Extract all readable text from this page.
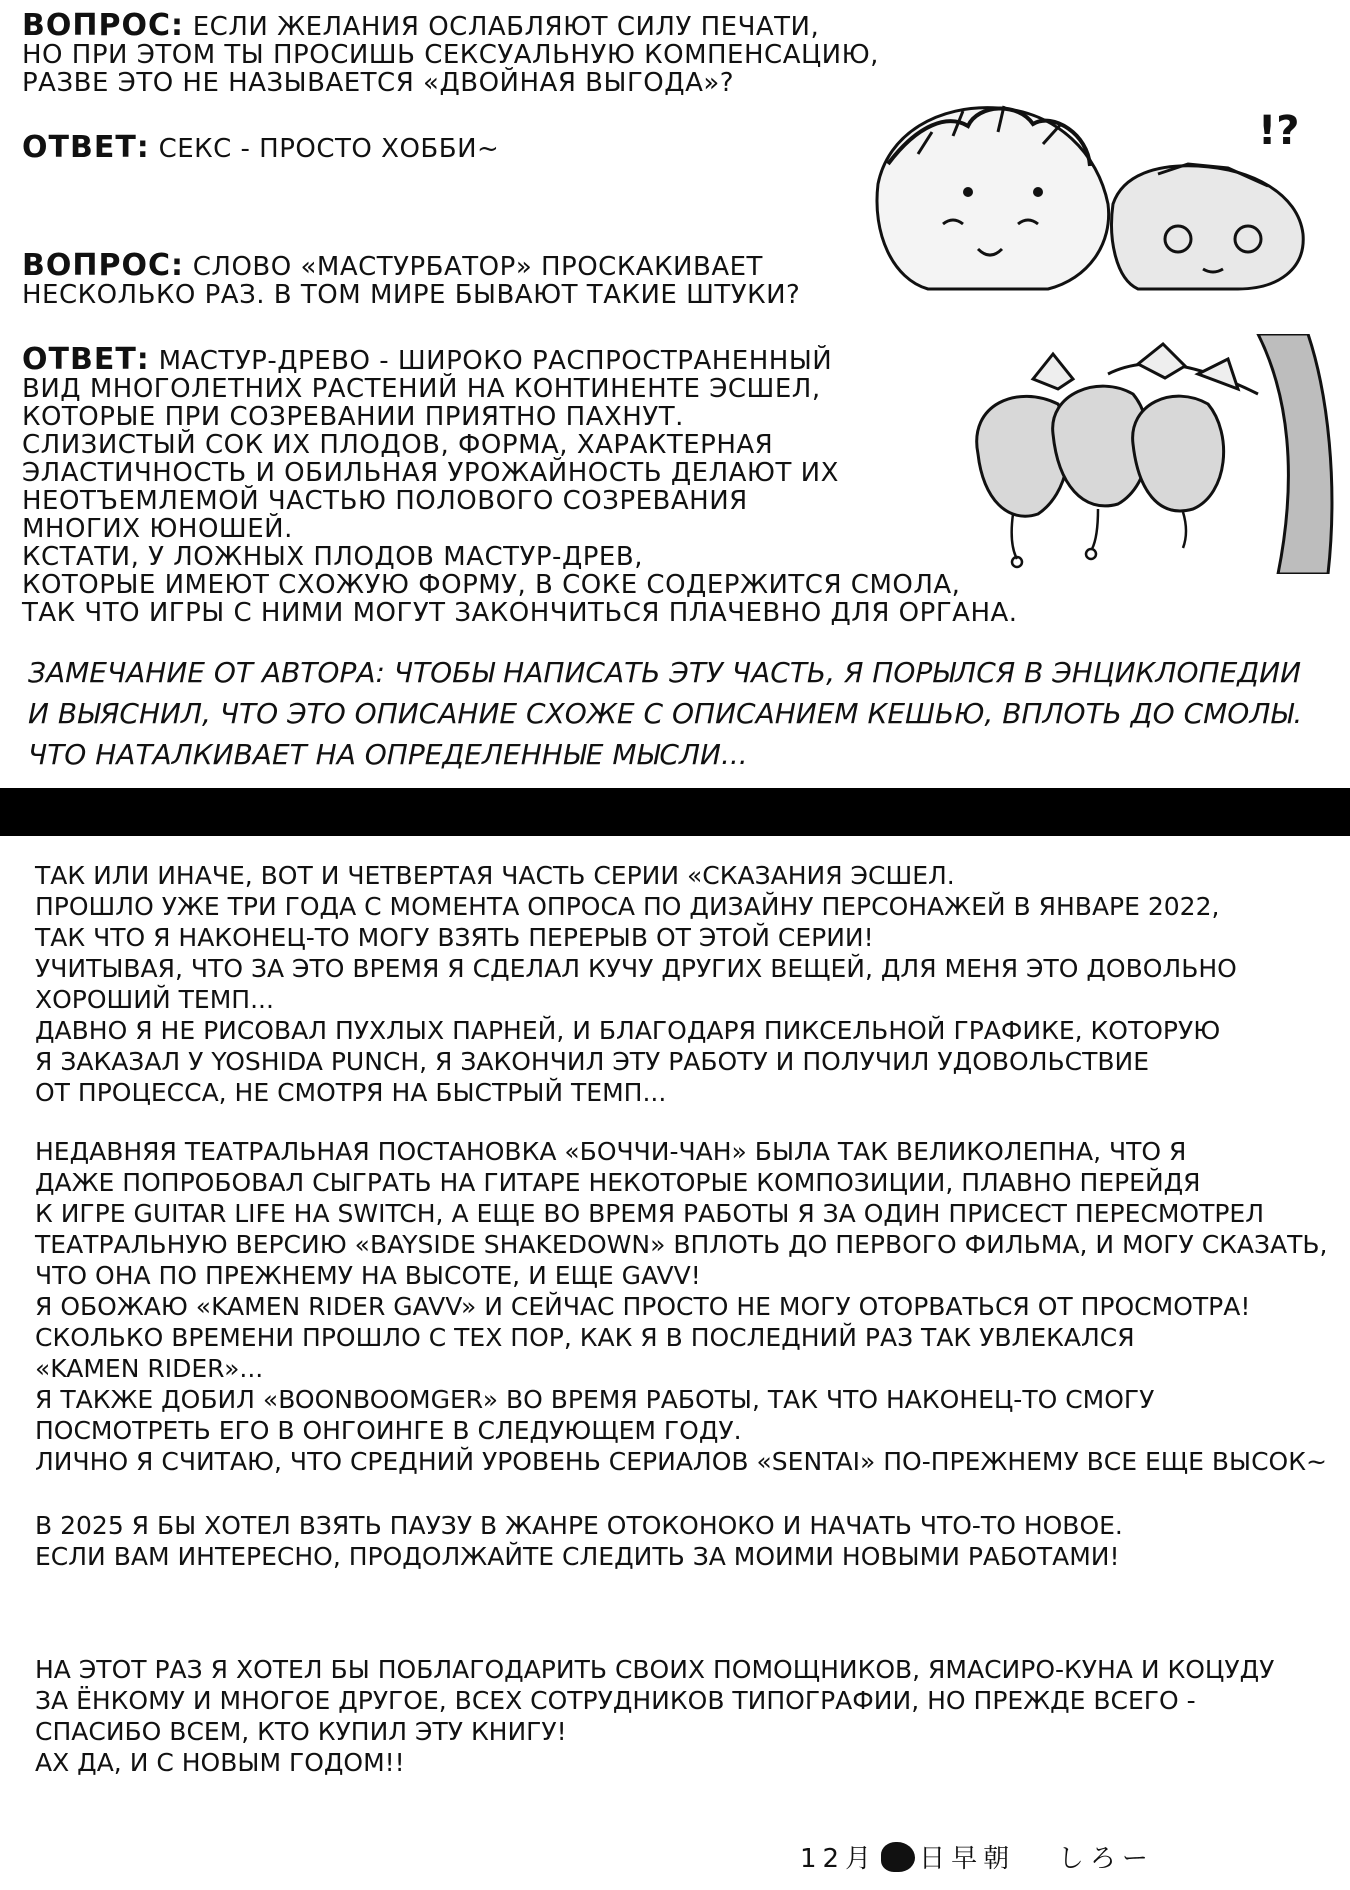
ВОПРОС: ЕСЛИ ЖЕЛАНИЯ ОСЛАБЛЯЮТ СИЛУ ПЕЧАТИ,
НО ПРИ ЭТОМ ТЫ ПРОСИШЬ СЕКСУАЛЬНУЮ КОМПЕНСАЦИЮ,
РАЗВЕ ЭТО НЕ НАЗЫВАЕТСЯ «ДВОЙНАЯ ВЫГОДА»?
ОТВЕТ: СЕКС - ПРОСТО ХОББИ~	!?
ВОПРОС: СЛОВО «МАСТУРБАТОР» ПРОСКАКИВАЕТ
НЕСКОЛЬКО РАЗ. В ТОМ МИРЕ БЫВАЮТ ТАКИЕ ШТУКИ?
ОТВЕТ: МАСТУР-ДРЕВО - ШИРОКО РАСПРОСТРАНЕННЫЙ
ВИД МНОГОЛЕТНИХ РАСТЕНИЙ НА КОНТИНЕНТЕ ЭСШЕЛ,
КОТОРЫЕ ПРИ СОЗРЕВАНИИ ПРИЯТНО ПАХНУТ.
СЛИЗИСТЫЙ СОК ИХ ПЛОДОВ, ФОРМА, ХАРАКТЕРНАЯ
ЭЛАСТИЧНОСТЬ И ОБИЛЬНАЯ УРОЖАЙНОСТЬ ДЕЛАЮТ ИХ
НЕОТЪЕМЛЕМОЙ ЧАСТЬЮ ПОЛОВОГО СОЗРЕВАНИЯ
МНОГИХ ЮНОШЕЙ.
КСТАТИ, У ЛОЖНЫХ ПЛОДОВ МАСТУР-ДРЕВ,
КОТОРЫЕ ИМЕЮТ СХОЖУЮ ФОРМУ, В СОКЕ СОДЕРЖИТСЯ СМОЛА,
ТАК ЧТО ИГРЫ С НИМИ МОГУТ ЗАКОНЧИТЬСЯ ПЛАЧЕВНО ДЛЯ ОРГАНА.
ЗАМЕЧАНИЕ ОТ АВТОРА: ЧТОБЫ НАПИСАТЬ ЭТУ ЧАСТЬ, Я ПОРЫЛСЯ В ЭНЦИКЛОПЕДИИ
И ВЫЯСНИЛ, ЧТО ЭТО ОПИСАНИЕ СХОЖЕ С ОПИСАНИЕМ КЕШЬЮ, ВПЛОТЬ ДО СМОЛЫ.
ЧТО НАТАЛКИВАЕТ НА ОПРЕДЕЛЕННЫЕ МЫСЛИ...
ТАК ИЛИ ИНАЧЕ, ВОТ И ЧЕТВЕРТАЯ ЧАСТЬ СЕРИИ «СКАЗАНИЯ ЭСШЕЛ.
ПРОШЛО УЖЕ ТРИ ГОДА С МОМЕНТА ОПРОСА ПО ДИЗАЙНУ ПЕРСОНАЖЕЙ В ЯНВАРЕ 2022,
ТАК ЧТО Я НАКОНЕЦ-ТО МОГУ ВЗЯТЬ ПЕРЕРЫВ ОТ ЭТОЙ СЕРИИ!
УЧИТЫВАЯ, ЧТО ЗА ЭТО ВРЕМЯ Я СДЕЛАЛ КУЧУ ДРУГИХ ВЕЩЕЙ, ДЛЯ МЕНЯ ЭТО ДОВОЛЬНО
ХОРОШИЙ ТЕМП...
ДАВНО Я НЕ РИСОВАЛ ПУХЛЫХ ПАРНЕЙ, И БЛАГОДАРЯ ПИКСЕЛЬНОЙ ГРАФИКЕ, КОТОРУЮ
Я ЗАКАЗАЛ У YOSHIDA PUNCH, Я ЗАКОНЧИЛ ЭТУ РАБОТУ И ПОЛУЧИЛ УДОВОЛЬСТВИЕ
ОТ ПРОЦЕССА, НЕ СМОТРЯ НА БЫСТРЫЙ ТЕМП...
НЕДАВНЯЯ ТЕАТРАЛЬНАЯ ПОСТАНОВКА «БОЧЧИ-ЧАН» БЫЛА ТАК ВЕЛИКОЛЕПНА, ЧТО Я
ДАЖЕ ПОПРОБОВАЛ СЫГРАТЬ НА ГИТАРЕ НЕКОТОРЫЕ КОМПОЗИЦИИ, ПЛАВНО ПЕРЕЙДЯ
К ИГРЕ GUITAR LIFE НА SWITCH, А ЕЩЕ ВО ВРЕМЯ РАБОТЫ Я ЗА ОДИН ПРИСЕСТ ПЕРЕСМОТРЕЛ
ТЕАТРАЛЬНУЮ ВЕРСИЮ «BAYSIDE SHAKEDOWN» ВПЛОТЬ ДО ПЕРВОГО ФИЛЬМА, И МОГУ СКАЗАТЬ,
ЧТО ОНА ПО ПРЕЖНЕМУ НА ВЫСОТЕ, И ЕЩЕ GAVV!
Я ОБОЖАЮ «KAMEN RIDER GAVV» И СЕЙЧАС ПРОСТО НЕ МОГУ ОТОРВАТЬСЯ ОТ ПРОСМОТРА!
СКОЛЬКО ВРЕМЕНИ ПРОШЛО С ТЕХ ПОР, КАК Я В ПОСЛЕДНИЙ РАЗ ТАК УВЛЕКАЛСЯ
«KAMEN RIDER»...
Я ТАКЖЕ ДОБИЛ «BOONBOOMGER» ВО ВРЕМЯ РАБОТЫ, ТАК ЧТО НАКОНЕЦ-ТО СМОГУ
ПОСМОТРЕТЬ ЕГО В ОНГОИНГЕ В СЛЕДУЮЩЕМ ГОДУ.
ЛИЧНО Я СЧИТАЮ, ЧТО СРЕДНИЙ УРОВЕНЬ СЕРИАЛОВ «SENTAI» ПО-ПРЕЖНЕМУ ВСЕ ЕЩЕ ВЫСОК~
В 2025 Я БЫ ХОТЕЛ ВЗЯТЬ ПАУЗУ В ЖАНРЕ ОТОКОНОКО И НАЧАТЬ ЧТО-ТО НОВОЕ.
ЕСЛИ ВАМ ИНТЕРЕСНО, ПРОДОЛЖАЙТЕ СЛЕДИТЬ ЗА МОИМИ НОВЫМИ РАБОТАМИ!
НА ЭТОТ РАЗ Я ХОТЕЛ БЫ ПОБЛАГОДАРИТЬ СВОИХ ПОМОЩНИКОВ, ЯМАСИРО-КУНА И КОЦУДУ
ЗА ЁНКОМУ И МНОГОЕ ДРУГОЕ, ВСЕХ СОТРУДНИКОВ ТИПОГРАФИИ, НО ПРЕЖДЕ ВСЕГО -
СПАСИБО ВСЕМ, КТО КУПИЛ ЭТУ КНИГУ!
АХ ДА, И С НОВЫМ ГОДОМ!!
12月 日早朝 しろー
